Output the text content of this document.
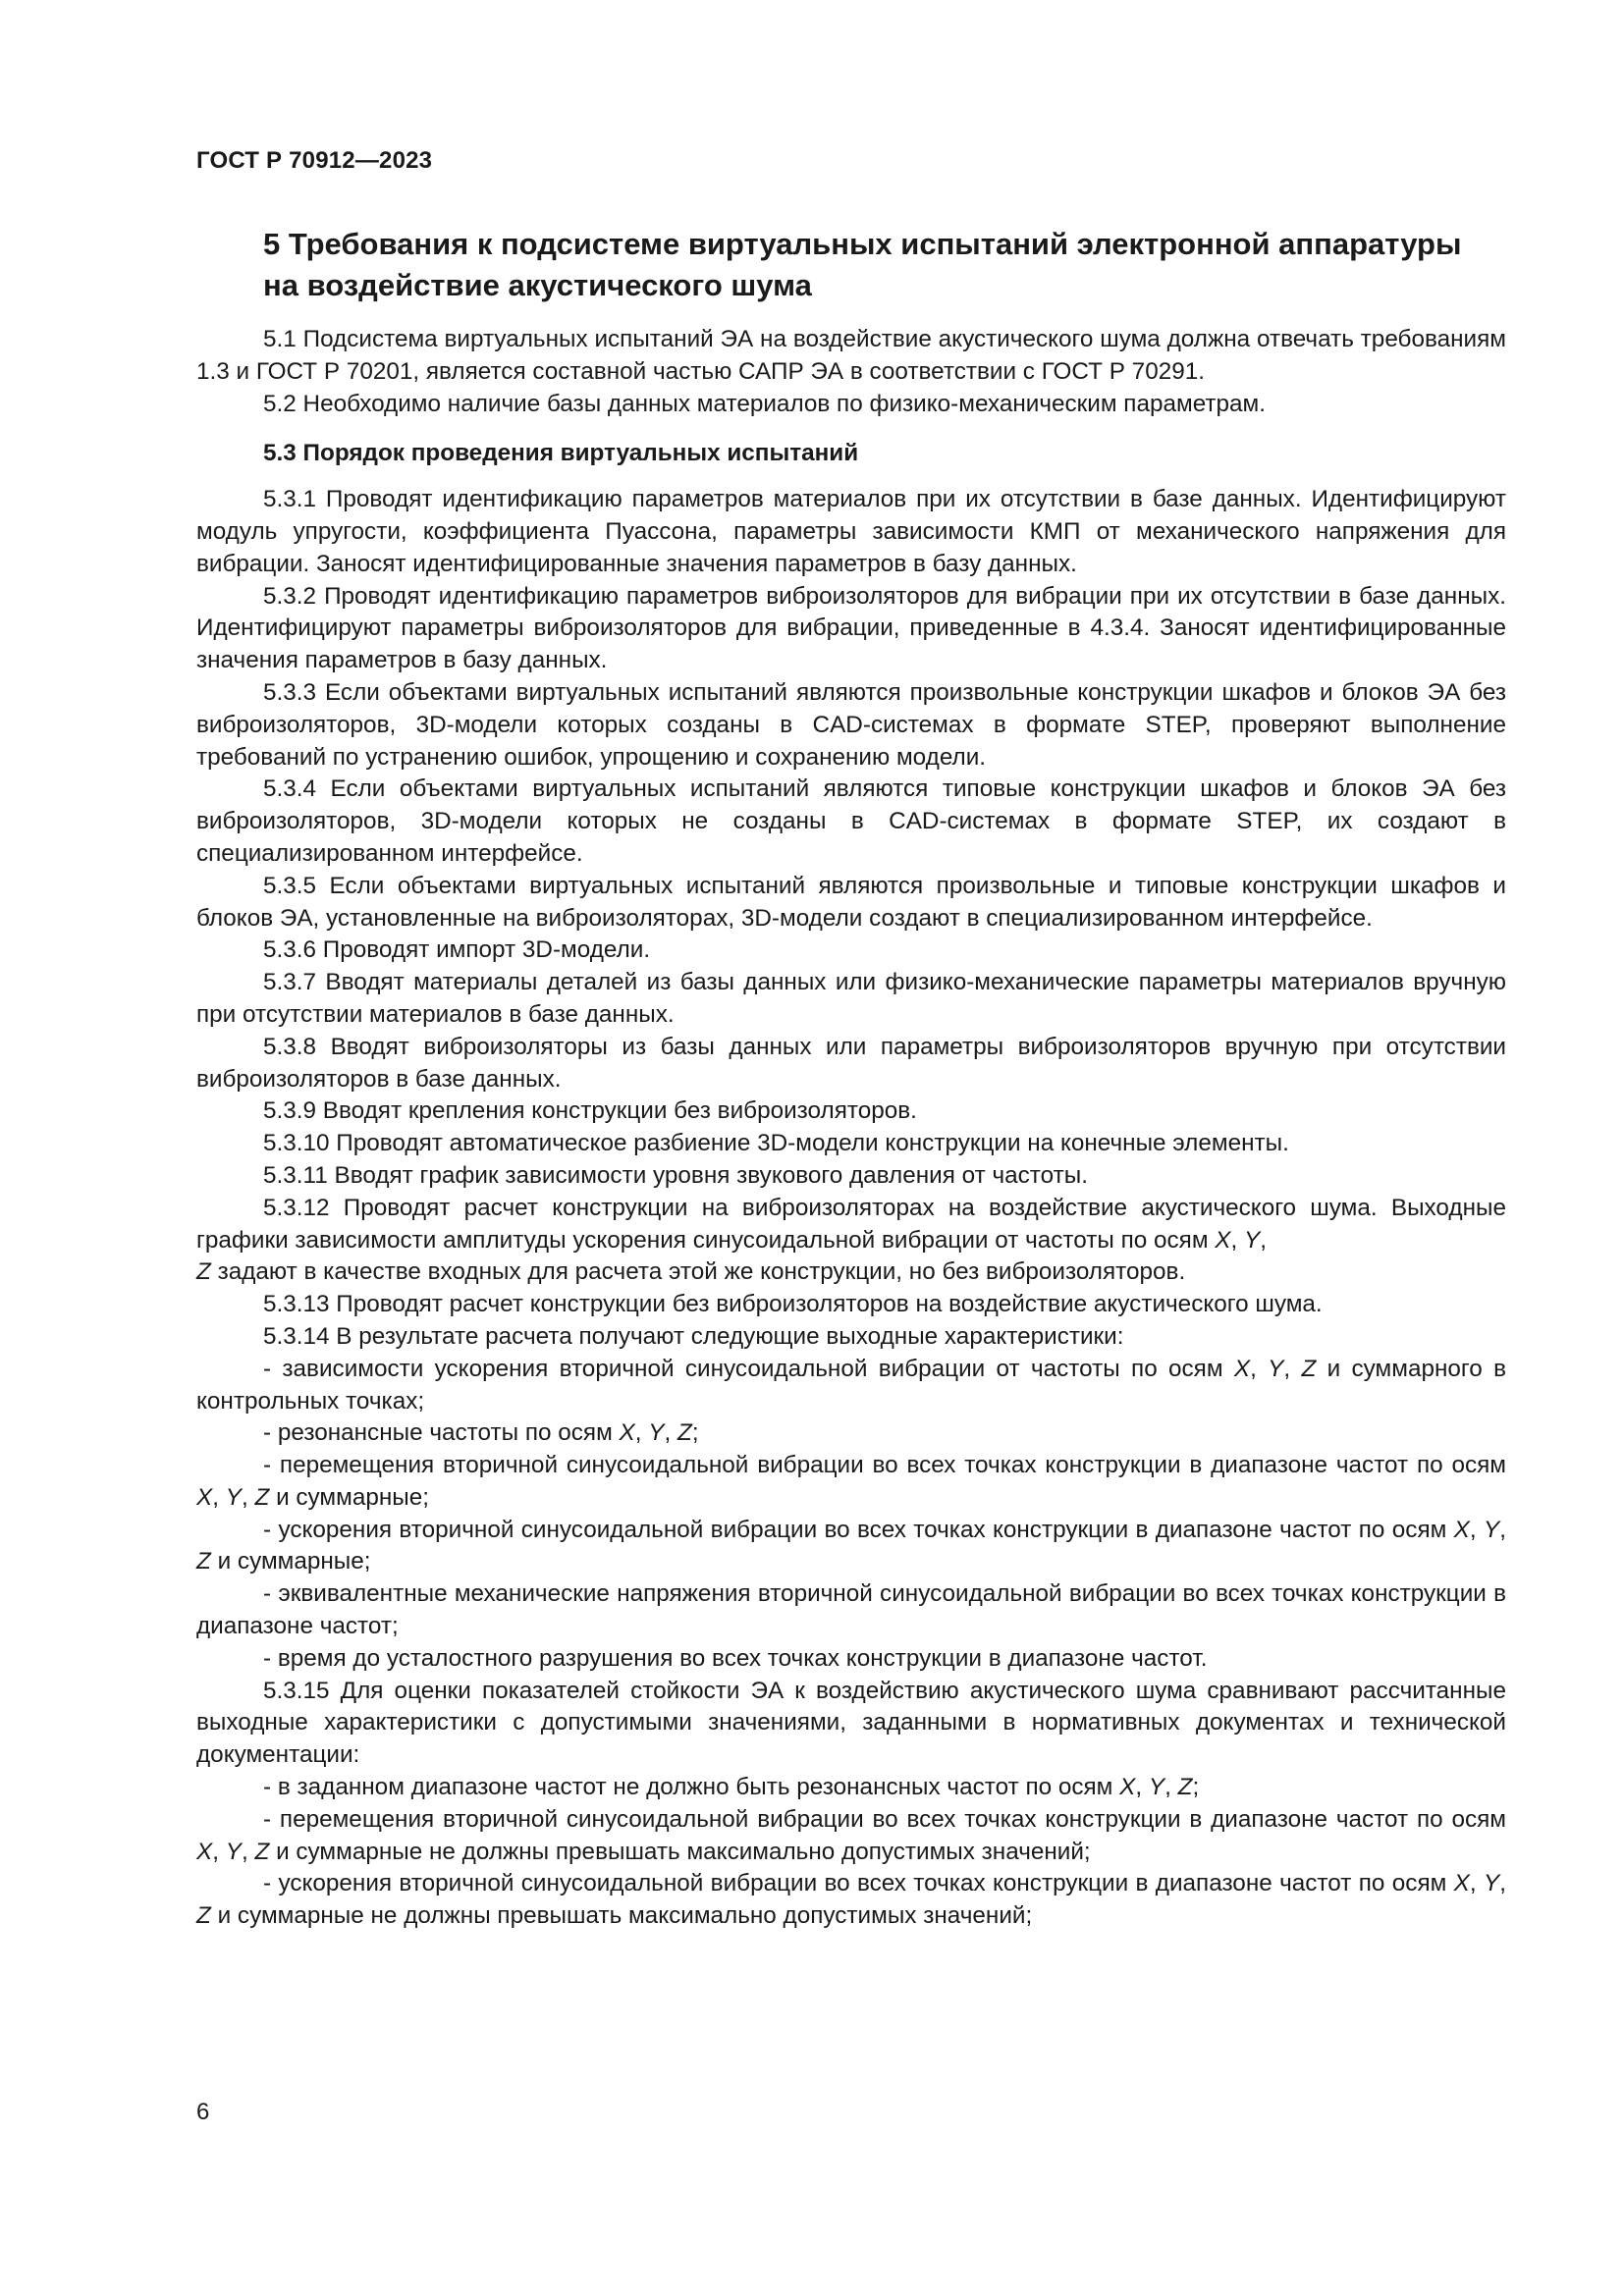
ГОСТ Р 70912—2023
5 Требования к подсистеме виртуальных испытаний электронной аппаратуры на воздействие акустического шума

5.1 Подсистема виртуальных испытаний ЭА на воздействие акустического шума должна отвечать требованиям 1.3 и ГОСТ Р 70201, является составной частью САПР ЭА в соответствии с ГОСТ Р 70291.

5.2 Необходимо наличие базы данных материалов по физико-механическим параметрам.

5.3 Порядок проведения виртуальных испытаний

5.3.1 Проводят идентификацию параметров материалов при их отсутствии в базе данных. Идентифицируют модуль упругости, коэффициента Пуассона, параметры зависимости КМП от механического напряжения для вибрации. Заносят идентифицированные значения параметров в базу данных.

5.3.2 Проводят идентификацию параметров виброизоляторов для вибрации при их отсутствии в базе данных. Идентифицируют параметры виброизоляторов для вибрации, приведенные в 4.3.4. Заносят идентифицированные значения параметров в базу данных.

5.3.3 Если объектами виртуальных испытаний являются произвольные конструкции шкафов и блоков ЭА без виброизоляторов, 3D-модели которых созданы в CAD-системах в формате STEP, проверяют выполнение требований по устранению ошибок, упрощению и сохранению модели.

5.3.4 Если объектами виртуальных испытаний являются типовые конструкции шкафов и блоков ЭА без виброизоляторов, 3D-модели которых не созданы в CAD-системах в формате STEP, их создают в специализированном интерфейсе.

5.3.5 Если объектами виртуальных испытаний являются произвольные и типовые конструкции шкафов и блоков ЭА, установленные на виброизоляторах, 3D-модели создают в специализированном интерфейсе.

5.3.6 Проводят импорт 3D-модели.

5.3.7 Вводят материалы деталей из базы данных или физико-механические параметры материалов вручную при отсутствии материалов в базе данных.

5.3.8 Вводят виброизоляторы из базы данных или параметры виброизоляторов вручную при отсутствии виброизоляторов в базе данных.

5.3.9 Вводят крепления конструкции без виброизоляторов.

5.3.10 Проводят автоматическое разбиение 3D-модели конструкции на конечные элементы.

5.3.11 Вводят график зависимости уровня звукового давления от частоты.

5.3.12 Проводят расчет конструкции на виброизоляторах на воздействие акустического шума. Выходные графики зависимости амплитуды ускорения синусоидальной вибрации от частоты по осям X, Y,
Z задают в качестве входных для расчета этой же конструкции, но без виброизоляторов.

5.3.13 Проводят расчет конструкции без виброизоляторов на воздействие акустического шума.

5.3.14 В результате расчета получают следующие выходные характеристики:

- зависимости ускорения вторичной синусоидальной вибрации от частоты по осям X, Y, Z и суммарного в контрольных точках;

- резонансные частоты по осям X, Y, Z;

- перемещения вторичной синусоидальной вибрации во всех точках конструкции в диапазоне частот по осям X, Y, Z и суммарные;

- ускорения вторичной синусоидальной вибрации во всех точках конструкции в диапазоне частот по осям X, Y, Z и суммарные;

- эквивалентные механические напряжения вторичной синусоидальной вибрации во всех точках конструкции в диапазоне частот;

- время до усталостного разрушения во всех точках конструкции в диапазоне частот.

5.3.15 Для оценки показателей стойкости ЭА к воздействию акустического шума сравнивают рассчитанные выходные характеристики с допустимыми значениями, заданными в нормативных документах и технической документации:

- в заданном диапазоне частот не должно быть резонансных частот по осям X, Y, Z;

- перемещения вторичной синусоидальной вибрации во всех точках конструкции в диапазоне частот по осям X, Y, Z и суммарные не должны превышать максимально допустимых значений;

- ускорения вторичной синусоидальной вибрации во всех точках конструкции в диапазоне частот по осям X, Y, Z и суммарные не должны превышать максимально допустимых значений;

6
